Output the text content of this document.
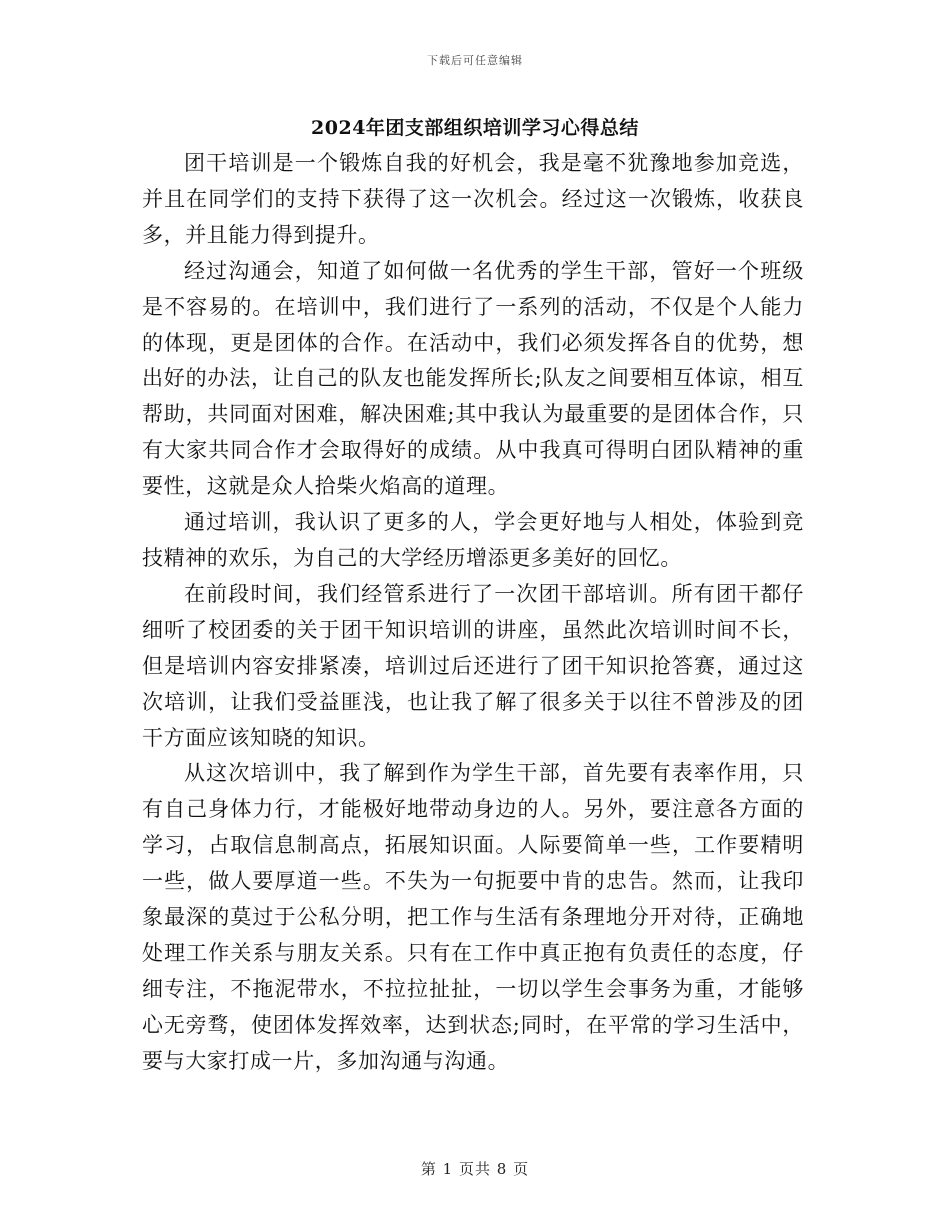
下载后可任意编辑
2024年团支部组织培训学习心得总结

团干培训是一个锻炼自我的好机会，我是毫不犹豫地参加竞选，并且在同学们的支持下获得了这一次机会。经过这一次锻炼，收获良多，并且能力得到提升。

经过沟通会，知道了如何做一名优秀的学生干部，管好一个班级是不容易的。在培训中，我们进行了一系列的活动，不仅是个人能力的体现，更是团体的合作。在活动中，我们必须发挥各自的优势，想出好的办法，让自己的队友也能发挥所长;队友之间要相互体谅，相互帮助，共同面对困难，解决困难;其中我认为最重要的是团体合作，只有大家共同合作才会取得好的成绩。从中我真可得明白团队精神的重要性，这就是众人拾柴火焰高的道理。

通过培训，我认识了更多的人，学会更好地与人相处，体验到竞技精神的欢乐，为自己的大学经历增添更多美好的回忆。

在前段时间，我们经管系进行了一次团干部培训。所有团干都仔细听了校团委的关于团干知识培训的讲座，虽然此次培训时间不长，但是培训内容安排紧凑，培训过后还进行了团干知识抢答赛，通过这次培训，让我们受益匪浅，也让我了解了很多关于以往不曾涉及的团干方面应该知晓的知识。

从这次培训中，我了解到作为学生干部，首先要有表率作用，只有自己身体力行，才能极好地带动身边的人。另外，要注意各方面的学习，占取信息制高点，拓展知识面。人际要简单一些，工作要精明一些，做人要厚道一些。不失为一句扼要中肯的忠告。然而，让我印象最深的莫过于公私分明，把工作与生活有条理地分开对待，正确地处理工作关系与朋友关系。只有在工作中真正抱有负责任的态度，仔细专注，不拖泥带水，不拉拉扯扯，一切以学生会事务为重，才能够心无旁骛，使团体发挥效率，达到状态;同时，在平常的学习生活中，要与大家打成一片，多加沟通与沟通。

第 1 页共 8 页
